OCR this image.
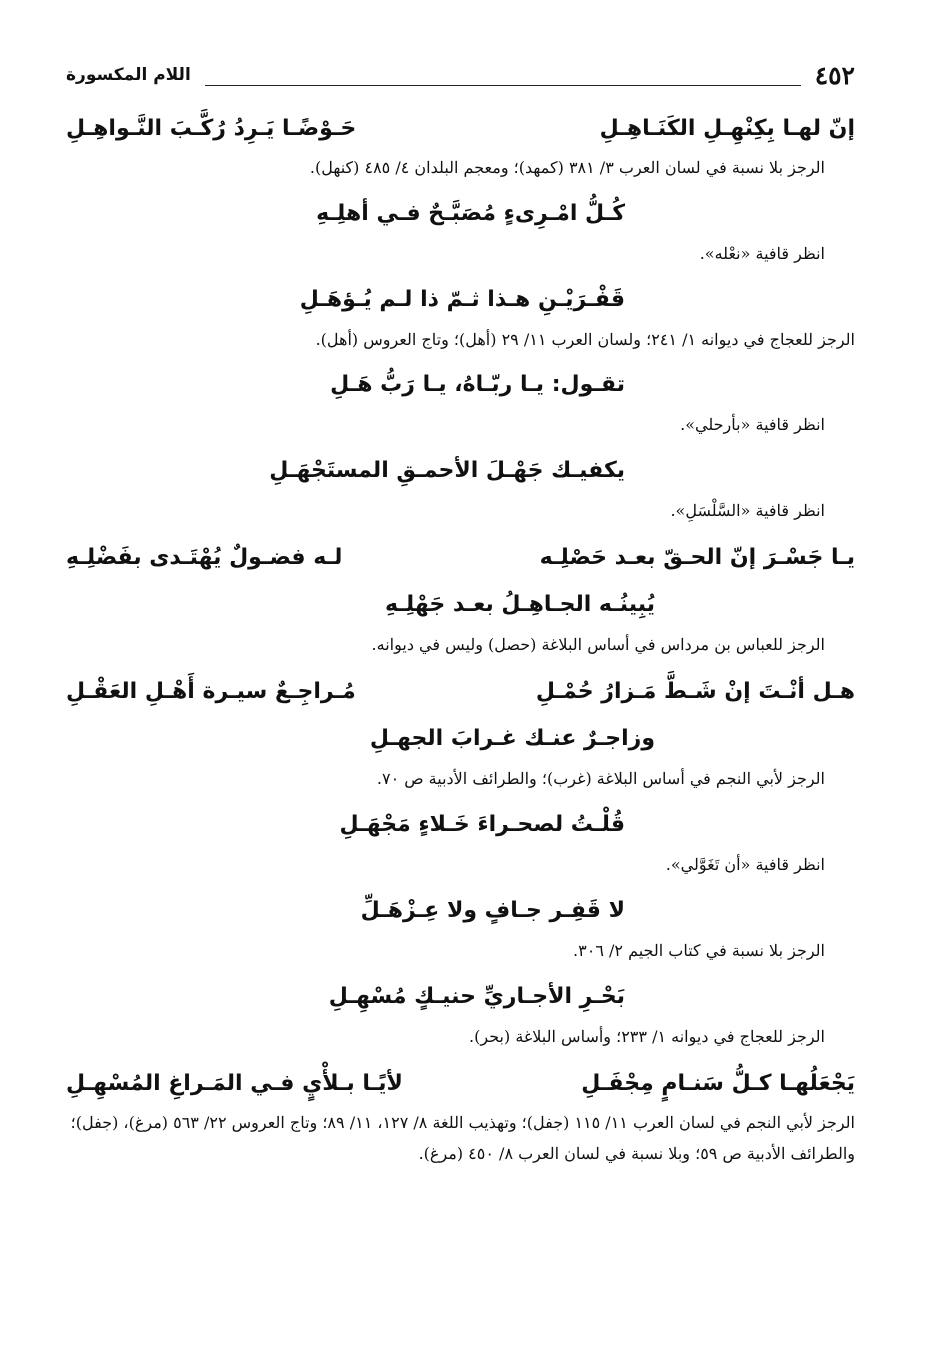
٤٥٢
اللام المكسورة
إنّ لهـا بِكِنْهِـلِ الكَنَـاهِـلِ
حَـوْضًـا يَـرِدُ رُكَّـبَ النَّـواهِـلِ
الرجز بلا نسبة في لسان العرب ٣/ ٣٨١ (كمهد)؛ ومعجم البلدان ٤/ ٤٨٥ (كنهل).
كُـلُّ امْـرِىءٍ مُصَبَّـحٌ فـي أهلِـهِ
انظر قافية «نعْله».
قَفْـرَيْـنِ هـذا ثـمّ ذا لـم يُـؤهَـلِ
الرجز للعجاج في ديوانه ١/ ٢٤١؛ ولسان العرب ١١/ ٢٩ (أهل)؛ وتاج العروس (أهل).
تقـول: يـا ربّـاهُ، يـا رَبُّ هَـلِ
انظر قافية «بأرحلي».
يكفيـك جَهْـلَ الأحمـقِ المستَجْهَـلِ
انظر قافية «السَّلْسَلِ».
يـا جَسْـرَ إنّ الحـقّ بعـد حَصْلِـه
لـه فضـولٌ يُهْتَـدى بفَضْلِـهِ
يُبِينُـه الجـاهِـلُ بعـد جَهْلِـهِ
الرجز للعباس بن مرداس في أساس البلاغة (حصل) وليس في ديوانه.
هـل أنْـتَ إنْ شَـطَّ مَـزارُ حُمْـلِ
مُـراجِـعٌ سيـرة أَهْـلِ العَقْـلِ
وزاجـرٌ عنـك غـرابَ الجهـلِ
الرجز لأبي النجم في أساس البلاغة (غرب)؛ والطرائف الأدبية ص ٧٠.
قُلْـتُ لصحـراءَ خَـلاءٍ مَجْهَـلِ
انظر قافية «أن تَغَوَّلي».
لا قَفِـر جـافٍ ولا عِـزْهَـلِّ
الرجز بلا نسبة في كتاب الجيم ٢/ ٣٠٦.
بَحْـرِ الأجـاريِّ حنيـكٍ مُسْهِـلِ
الرجز للعجاج في ديوانه ١/ ٢٣٣؛ وأساس البلاغة (بحر).
يَجْعَلُهـا كـلُّ سَنـامٍ مِجْفَـلِ
لأيًـا بـلأْيٍ فـي المَـراغِ المُسْهِـلِ
الرجز لأبي النجم في لسان العرب ١١/ ١١٥ (جفل)؛ وتهذيب اللغة ٨/ ١٢٧، ١١/ ٨٩؛ وتاج العروس ٢٢/ ٥٦٣ (مرغ)، (جفل)؛ والطرائف الأدبية ص ٥٩؛ وبلا نسبة في لسان العرب ٨/ ٤٥٠ (مرغ).
